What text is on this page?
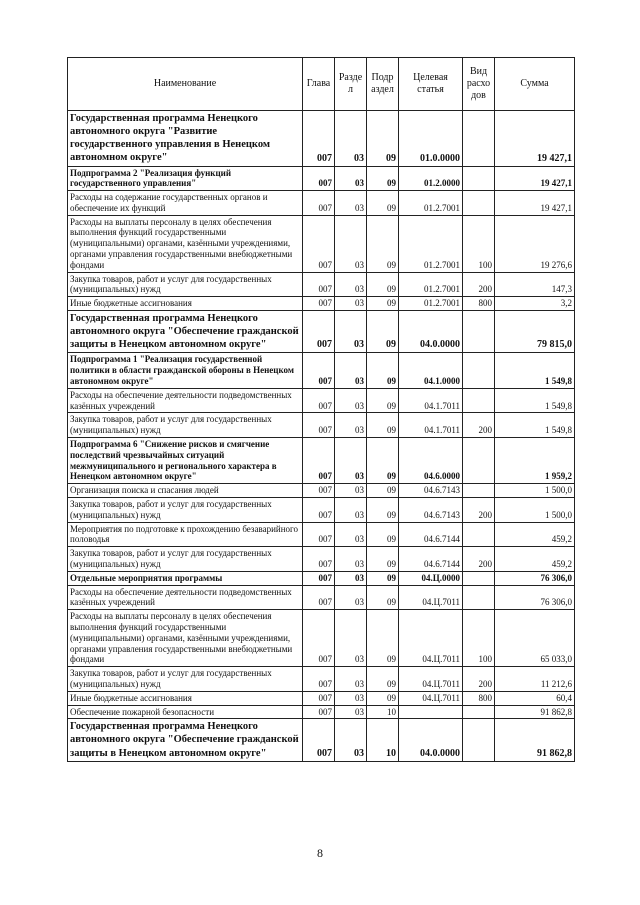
Наименование	Глава	Разде л	Подр аздел	Целевая статья	Вид расхо дов	Сумма
Государственная программа Ненецкого автономного округа "Развитие государственного управления в Ненецком автономном округе"	007	03	09	01.0.0000		19 427,1
Подпрограмма 2 "Реализация функций государственного управления"	007	03	09	01.2.0000		19 427,1
Расходы на содержание государственных органов и обеспечение их функций	007	03	09	01.2.7001		19 427,1
Расходы на выплаты персоналу в целях обеспечения выполнения функций государственными (муниципальными) органами, казёнными учреждениями, органами управления государственными внебюджетными фондами	007	03	09	01.2.7001	100	19 276,6
Закупка товаров, работ и услуг для государственных (муниципальных) нужд	007	03	09	01.2.7001	200	147,3
Иные бюджетные ассигнования	007	03	09	01.2.7001	800	3,2
Государственная программа Ненецкого автономного округа "Обеспечение гражданской защиты в Ненецком автономном округе"	007	03	09	04.0.0000		79 815,0
Подпрограмма 1 "Реализация государственной политики в области гражданской обороны в Ненецком автономном округе"	007	03	09	04.1.0000		1 549,8
Расходы на обеспечение деятельности подведомственных казённых учреждений	007	03	09	04.1.7011		1 549,8
Закупка товаров, работ и услуг для государственных (муниципальных) нужд	007	03	09	04.1.7011	200	1 549,8
Подпрограмма 6 "Снижение рисков и смягчение последствий чрезвычайных ситуаций межмуниципального и регионального характера в Ненецком автономном округе"	007	03	09	04.6.0000		1 959,2
Организация поиска и спасания людей	007	03	09	04.6.7143		1 500,0
Закупка товаров, работ и услуг для государственных (муниципальных) нужд	007	03	09	04.6.7143	200	1 500,0
Мероприятия по подготовке к прохождению безаварийного половодья	007	03	09	04.6.7144		459,2
Закупка товаров, работ и услуг для государственных (муниципальных) нужд	007	03	09	04.6.7144	200	459,2
Отдельные мероприятия программы	007	03	09	04.Ц.0000		76 306,0
Расходы на обеспечение деятельности подведомственных казённых учреждений	007	03	09	04.Ц.7011		76 306,0
Расходы на выплаты персоналу в целях обеспечения выполнения функций государственными (муниципальными) органами, казёнными учреждениями, органами управления государственными внебюджетными фондами	007	03	09	04.Ц.7011	100	65 033,0
Закупка товаров, работ и услуг для государственных (муниципальных) нужд	007	03	09	04.Ц.7011	200	11 212,6
Иные бюджетные ассигнования	007	03	09	04.Ц.7011	800	60,4
Обеспечение пожарной безопасности	007	03	10			91 862,8
Государственная программа Ненецкого автономного округа "Обеспечение гражданской защиты в Ненецком автономном округе"	007	03	10	04.0.0000		91 862,8
8
